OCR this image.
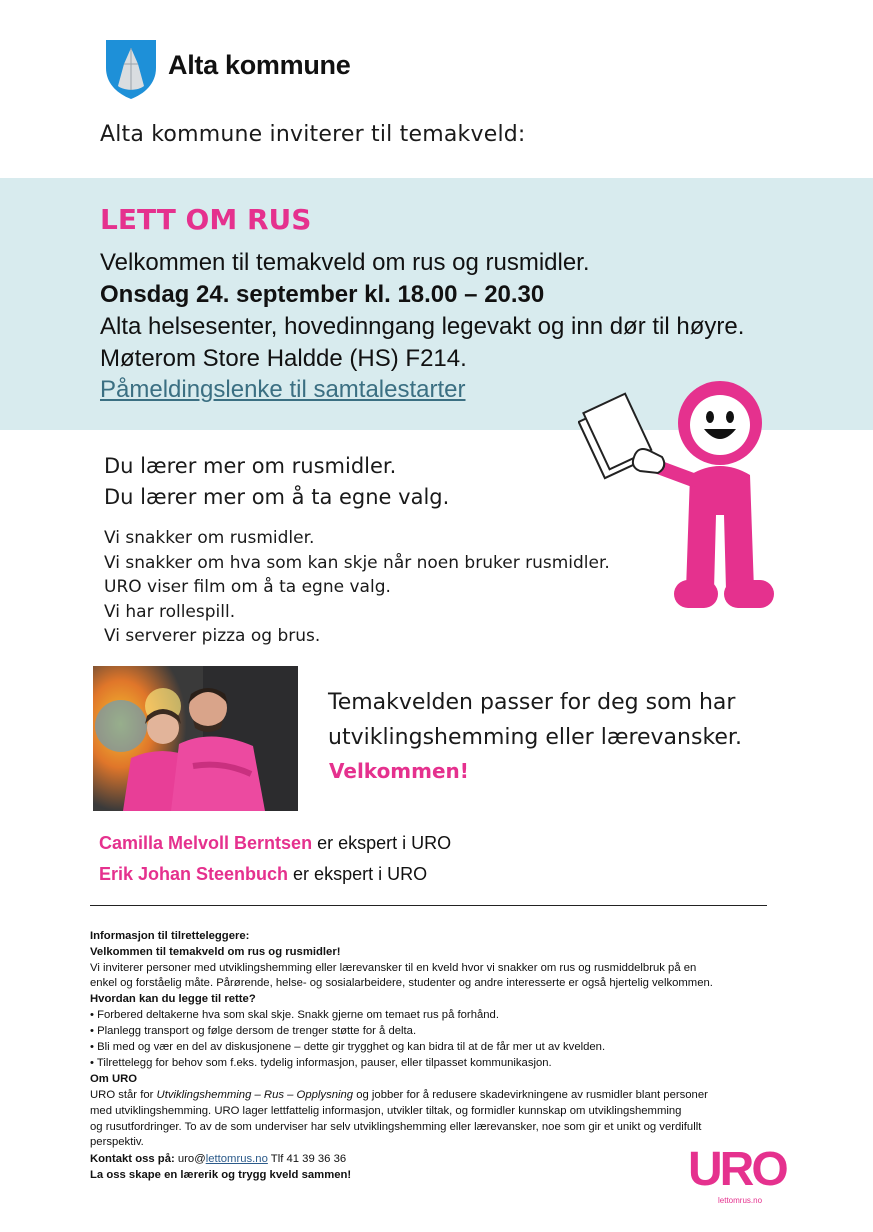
Alta kommune
Alta kommune inviterer til temakveld:
LETT OM RUS
Velkommen til temakveld om rus og rusmidler.
Onsdag 24. september kl. 18.00 – 20.30
Alta helsesenter, hovedinngang legevakt og inn dør til høyre.
Møterom Store Haldde (HS) F214.
Påmeldingslenke til samtalestarter
Du lærer mer om rusmidler.
Du lærer mer om å ta egne valg.
Vi snakker om rusmidler.
Vi snakker om hva som kan skje når noen bruker rusmidler.
URO viser film om å ta egne valg.
Vi har rollespill.
Vi serverer pizza og brus.
Temakvelden passer for deg som har
utviklingshemming eller lærevansker.
Velkommen!
Camilla Melvoll Berntsen er ekspert i URO
Erik Johan Steenbuch er ekspert i URO
Informasjon til tilretteleggere:
Velkommen til temakveld om rus og rusmidler!
Vi inviterer personer med utviklingshemming eller lærevansker til en kveld hvor vi snakker om rus og rusmiddelbruk på en
enkel og forståelig måte. Pårørende, helse- og sosialarbeidere, studenter og andre interesserte er også hjertelig velkommen.
Hvordan kan du legge til rette?
• Forbered deltakerne hva som skal skje. Snakk gjerne om temaet rus på forhånd.
• Planlegg transport og følge dersom de trenger støtte for å delta.
• Bli med og vær en del av diskusjonene – dette gir trygghet og kan bidra til at de får mer ut av kvelden.
• Tilrettelegg for behov som f.eks. tydelig informasjon, pauser, eller tilpasset kommunikasjon.
Om URO
URO står for Utviklingshemming – Rus – Opplysning og jobber for å redusere skadevirkningene av rusmidler blant personer
med utviklingshemming. URO lager lettfattelig informasjon, utvikler tiltak, og formidler kunnskap om utviklingshemming
og rusutfordringer. To av de som underviser har selv utviklingshemming eller lærevansker, noe som gir et unikt og verdifullt
perspektiv.
Kontakt oss på: uro@lettomrus.no Tlf 41 39 36 36
La oss skape en lærerik og trygg kveld sammen!	URO
lettomrus.no
